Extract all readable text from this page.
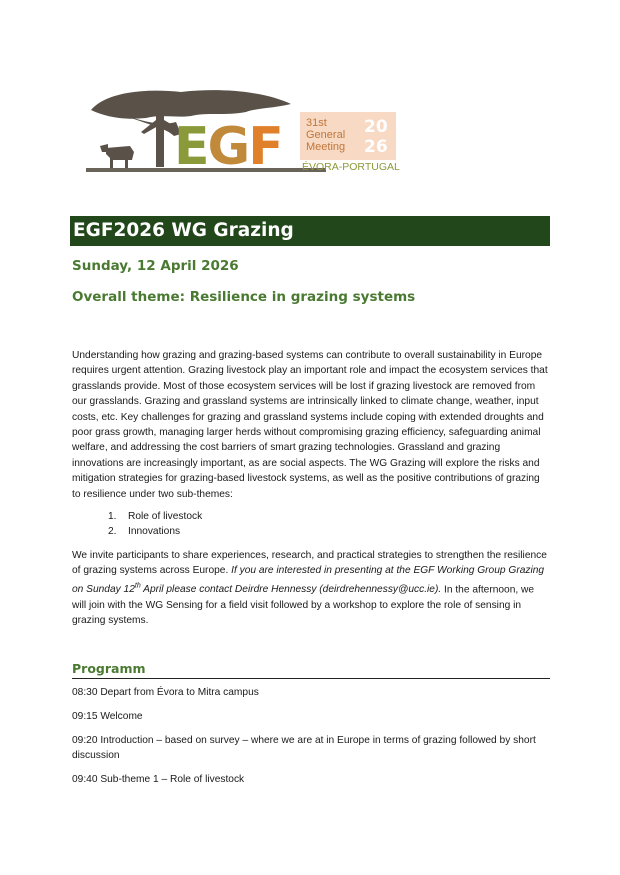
EGF 31st
General
Meeting
20
26
ÉVORA-PORTUGAL
EGF2026 WG Grazing
Sunday, 12 April 2026
Overall theme: Resilience in grazing systems

Understanding how grazing and grazing-based systems can contribute to overall sustainability in Europe requires urgent attention. Grazing livestock play an important role and impact the ecosystem services that grasslands provide. Most of those ecosystem services will be lost if grazing livestock are removed from our grasslands. Grazing and grassland systems are intrinsically linked to climate change, weather, input costs, etc. Key challenges for grazing and grassland systems include coping with extended droughts and poor grass growth, managing larger herds without compromising grazing efficiency, safeguarding animal welfare, and addressing the cost barriers of smart grazing technologies. Grassland and grazing innovations are increasingly important, as are social aspects. The WG Grazing will explore the risks and mitigation strategies for grazing-based livestock systems, as well as the positive contributions of grazing to resilience under two sub-themes:

1. Role of livestock
2. Innovations

We invite participants to share experiences, research, and practical strategies to strengthen the resilience of grazing systems across Europe. If you are interested in presenting at the EGF Working Group Grazing on Sunday 12th April please contact Deirdre Hennessy (deirdrehennessy@ucc.ie). In the afternoon, we will join with the WG Sensing for a field visit followed by a workshop to explore the role of sensing in grazing systems.

Programm
08:30 Depart from Évora to Mitra campus
09:15 Welcome
09:20 Introduction – based on survey – where we are at in Europe in terms of grazing followed by short discussion
09:40 Sub-theme 1 – Role of livestock
